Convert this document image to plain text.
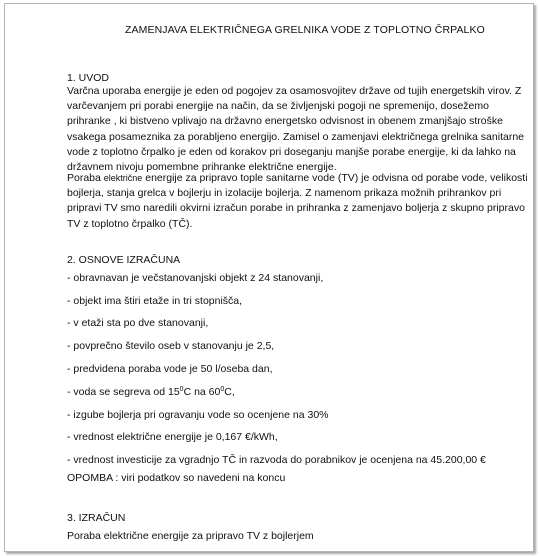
ZAMENJAVA ELEKTRIČNEGA GRELNIKA VODE Z TOPLOTNO ČRPALKO
1. UVOD
Varčna uporaba energije je eden od pogojev za osamosvojitev države od tujih energetskih virov. Z
varčevanjem pri porabi energije na način, da se življenjski pogoji ne spremenijo, dosežemo
prihranke , ki bistveno vplivajo na državno energetsko odvisnost in obenem zmanjšajo stroške
vsakega posameznika za porabljeno energijo. Zamisel o zamenjavi električnega grelnika sanitarne
vode z toplotno črpalko je eden od korakov pri doseganju manjše porabe energije, ki da lahko na
državnem nivoju pomembne prihranke električne energije.
Poraba električne energije za pripravo tople sanitarne vode (TV) je odvisna od porabe vode, velikosti
bojlerja, stanja grelca v bojlerju in izolacije bojlerja. Z namenom prikaza možnih prihrankov pri
pripravi TV smo naredili okvirni izračun porabe in prihranka z zamenjavo boljerja z skupno pripravo
TV z toplotno črpalko (TČ).
2. OSNOVE IZRAČUNA
- obravnavan je večstanovanjski objekt z 24 stanovanji,
- objekt ima štiri etaže in tri stopnišča,
- v etaži sta po dve stanovanji,
- povprečno število oseb v stanovanju je 2,5,
- predvidena poraba vode je 50 l/oseba dan,
- voda se segreva od $15^0C$ na $60^0C$,
- izgube bojlerja pri ogravanju vode so ocenjene na 30%
- vrednost električne energije je 0,167 €/kWh,
- vrednost investicije za vgradnjo TČ in razvoda do porabnikov je ocenjena na 45.200,00 €
OPOMBA : viri podatkov so navedeni na koncu
3. IZRAČUN
Poraba električne energije za pripravo TV z bojlerjem
